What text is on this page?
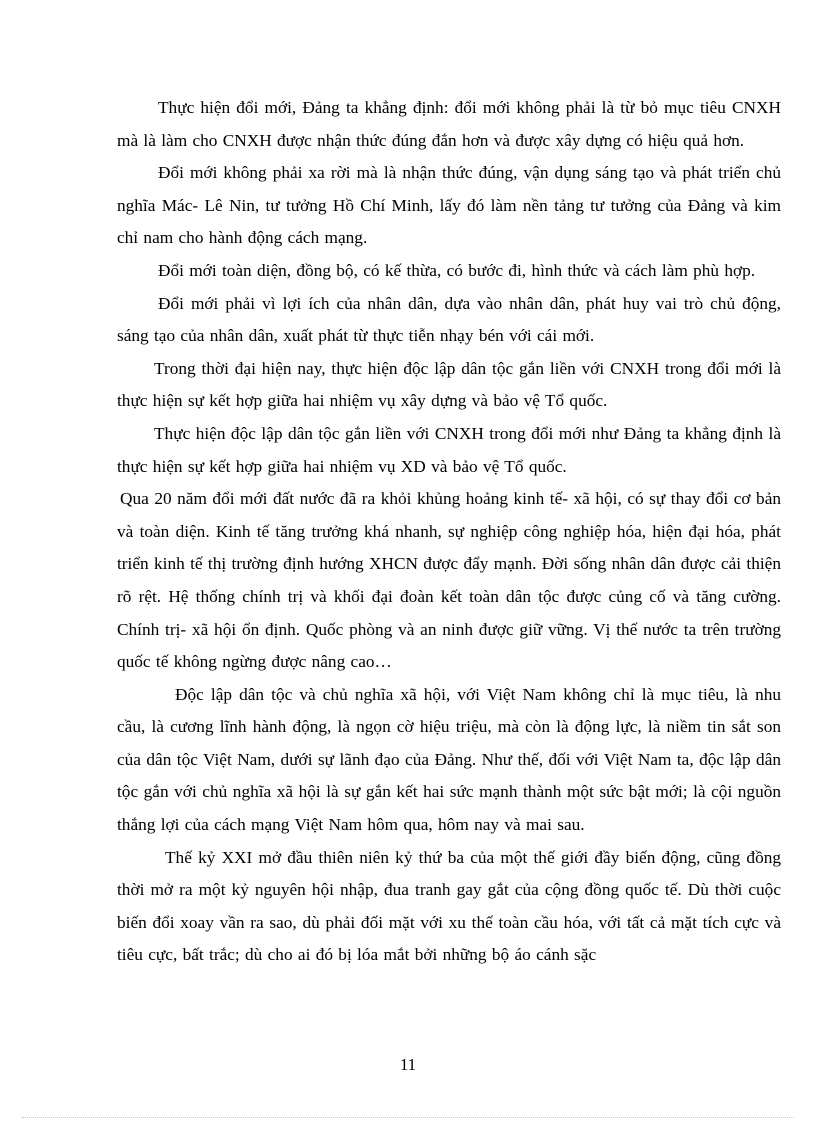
Thực hiện đổi mới, Đảng ta khẳng định: đổi mới không phải là từ bỏ mục tiêu CNXH mà là làm cho CNXH được nhận thức đúng đắn hơn và được xây dựng có hiệu quả hơn.

Đổi mới không phải xa rời mà là nhận thức đúng, vận dụng sáng tạo và phát triển chủ nghĩa Mác- Lê Nin, tư tưởng Hồ Chí Minh, lấy đó làm nền tảng tư tưởng của Đảng và kim chỉ nam cho hành động cách mạng.

Đổi mới toàn diện, đồng bộ, có kế thừa, có bước đi, hình thức và cách làm phù hợp.

Đổi mới phải vì lợi ích của nhân dân, dựa vào nhân dân, phát huy vai trò chủ động, sáng tạo của nhân dân, xuất phát từ thực tiễn nhạy bén với cái mới.

Trong thời đại hiện nay, thực hiện độc lập dân tộc gắn liền với CNXH trong đổi mới là thực hiện sự kết hợp giữa hai nhiệm vụ xây dựng và bảo vệ Tổ quốc.

Thực hiện độc lập dân tộc gắn liền với CNXH trong đổi mới như Đảng ta khẳng định là thực hiện sự kết hợp giữa hai nhiệm vụ XD và bảo vệ Tổ quốc.

Qua 20 năm đổi mới đất nước đã ra khỏi khủng hoảng kinh tế- xã hội, có sự thay đổi cơ bản và toàn diện. Kinh tế tăng trưởng khá nhanh, sự nghiệp công nghiệp hóa, hiện đại hóa, phát triển kinh tế thị trường định hướng XHCN được đẩy mạnh. Đời sống nhân dân được cải thiện rõ rệt. Hệ thống chính trị và khối đại đoàn kết toàn dân tộc được củng cố và tăng cường. Chính trị- xã hội ổn định. Quốc phòng và an ninh được giữ vững. Vị thế nước ta trên trường quốc tế không ngừng được nâng cao…

Độc lập dân tộc và chủ nghĩa xã hội, với Việt Nam không chỉ là mục tiêu, là nhu cầu, là cương lĩnh hành động, là ngọn cờ hiệu triệu, mà còn là động lực, là niềm tin sắt son của dân tộc Việt Nam, dưới sự lãnh đạo của Đảng. Như thế, đối với Việt Nam ta, độc lập dân tộc gắn với chủ nghĩa xã hội là sự gắn kết hai sức mạnh thành một sức bật mới; là cội nguồn thắng lợi của cách mạng Việt Nam hôm qua, hôm nay và mai sau.

Thế kỷ XXI mở đầu thiên niên kỷ thứ ba của một thế giới đầy biến động, cũng đồng thời mở ra một kỷ nguyên hội nhập, đua tranh gay gắt của cộng đồng quốc tế. Dù thời cuộc biến đổi xoay vần ra sao, dù phải đối mặt với xu thế toàn cầu hóa, với tất cả mặt tích cực và tiêu cực, bất trắc; dù cho ai đó bị lóa mắt bởi những bộ áo cánh sặc

11
